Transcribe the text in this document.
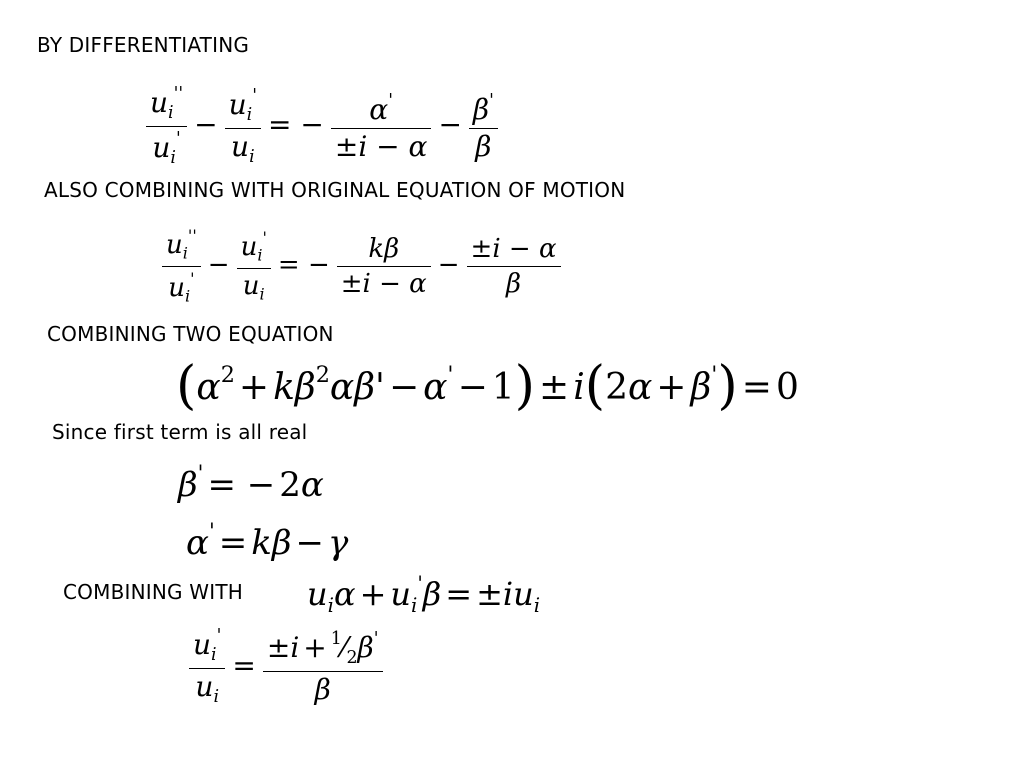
BY DIFFERENTIATING
ALSO COMBINING WITH ORIGINAL EQUATION OF MOTION
COMBINING TWO EQUATION
Since first term is all real
COMBINING WITH
$\frac{u_i''}{u_i'} - \frac{u_i'}{u_i}$ = − $\frac{\alpha'}{\pm i - \alpha} - \frac{\beta'}{\beta}$
$\frac{u_i''}{u_i'} - \frac{u_i'}{u_i}$ = − $\frac{k\beta}{\pm i - \alpha} - \frac{\pm i - \alpha}{\beta}$
$(\alpha^2 + k\beta^2\alpha\beta' - \alpha' - 1) \pm i(2\alpha + \beta') = 0$
β' = − 2α
α' = kβ − γ
$u_i\alpha + u_i'\beta = \pm iu_i$
$\frac{u_i'}{u_i} = \frac{\pm i + ^1⁄_2\beta'}{\beta}$
